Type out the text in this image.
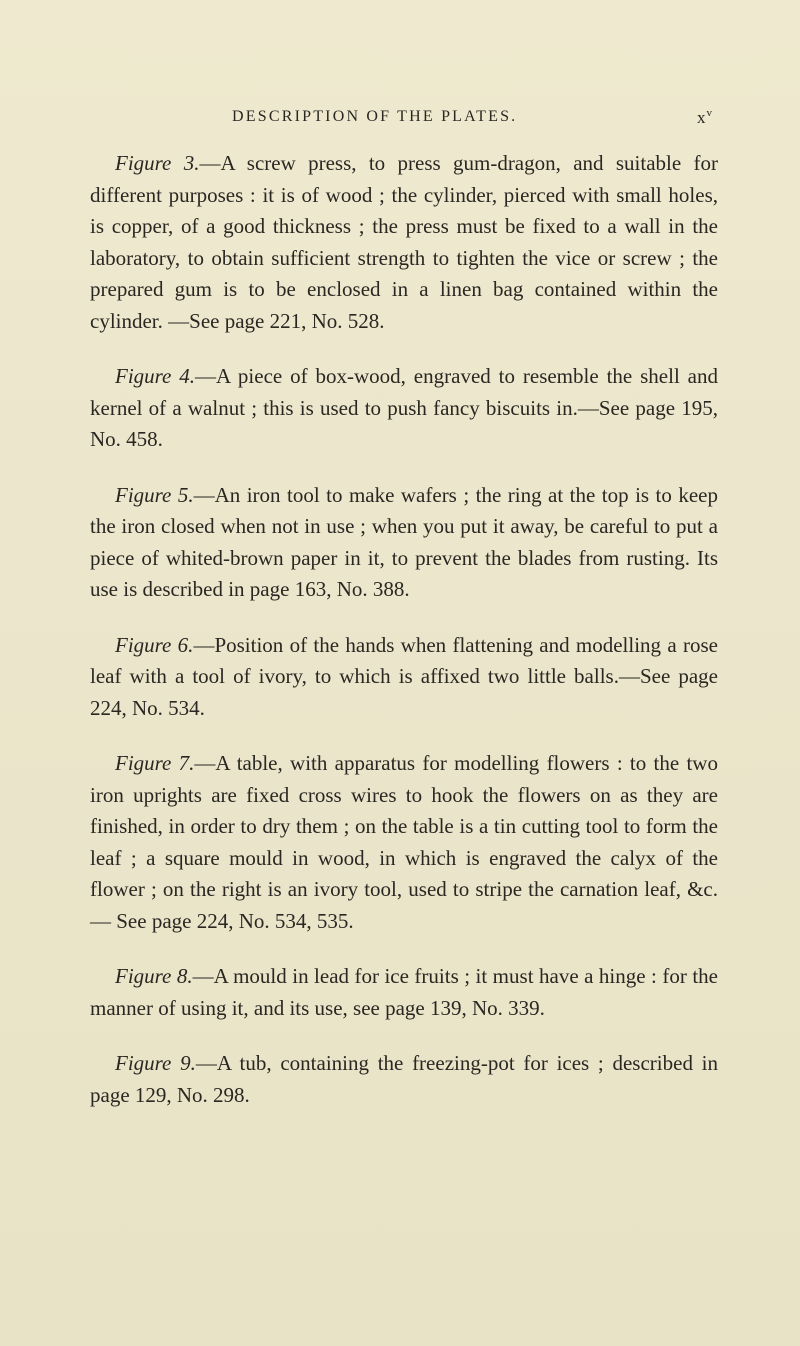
DESCRIPTION OF THE PLATES.	$x^v$

Figure 3.—A screw press, to press gum-dragon, and suitable for different purposes : it is of wood ; the cylinder, pierced with small holes, is copper, of a good thickness ; the press must be fixed to a wall in the laboratory, to obtain sufficient strength to tighten the vice or screw ; the prepared gum is to be enclosed in a linen bag contained within the cylinder. —See page 221, No. 528.

Figure 4.—A piece of box-wood, engraved to resemble the shell and kernel of a walnut ; this is used to push fancy biscuits in.—See page 195, No. 458.

Figure 5.—An iron tool to make wafers ; the ring at the top is to keep the iron closed when not in use ; when you put it away, be careful to put a piece of whited-brown paper in it, to prevent the blades from rusting. Its use is described in page 163, No. 388.

Figure 6.—Position of the hands when flattening and modelling a rose leaf with a tool of ivory, to which is affixed two little balls.—See page 224, No. 534.

Figure 7.—A table, with apparatus for modelling flowers : to the two iron uprights are fixed cross wires to hook the flowers on as they are finished, in order to dry them ; on the table is a tin cutting tool to form the leaf ; a square mould in wood, in which is engraved the calyx of the flower ; on the right is an ivory tool, used to stripe the carnation leaf, &c.— See page 224, No. 534, 535.

Figure 8.—A mould in lead for ice fruits ; it must have a hinge : for the manner of using it, and its use, see page 139, No. 339.

Figure 9.—A tub, containing the freezing-pot for ices ; described in page 129, No. 298.
